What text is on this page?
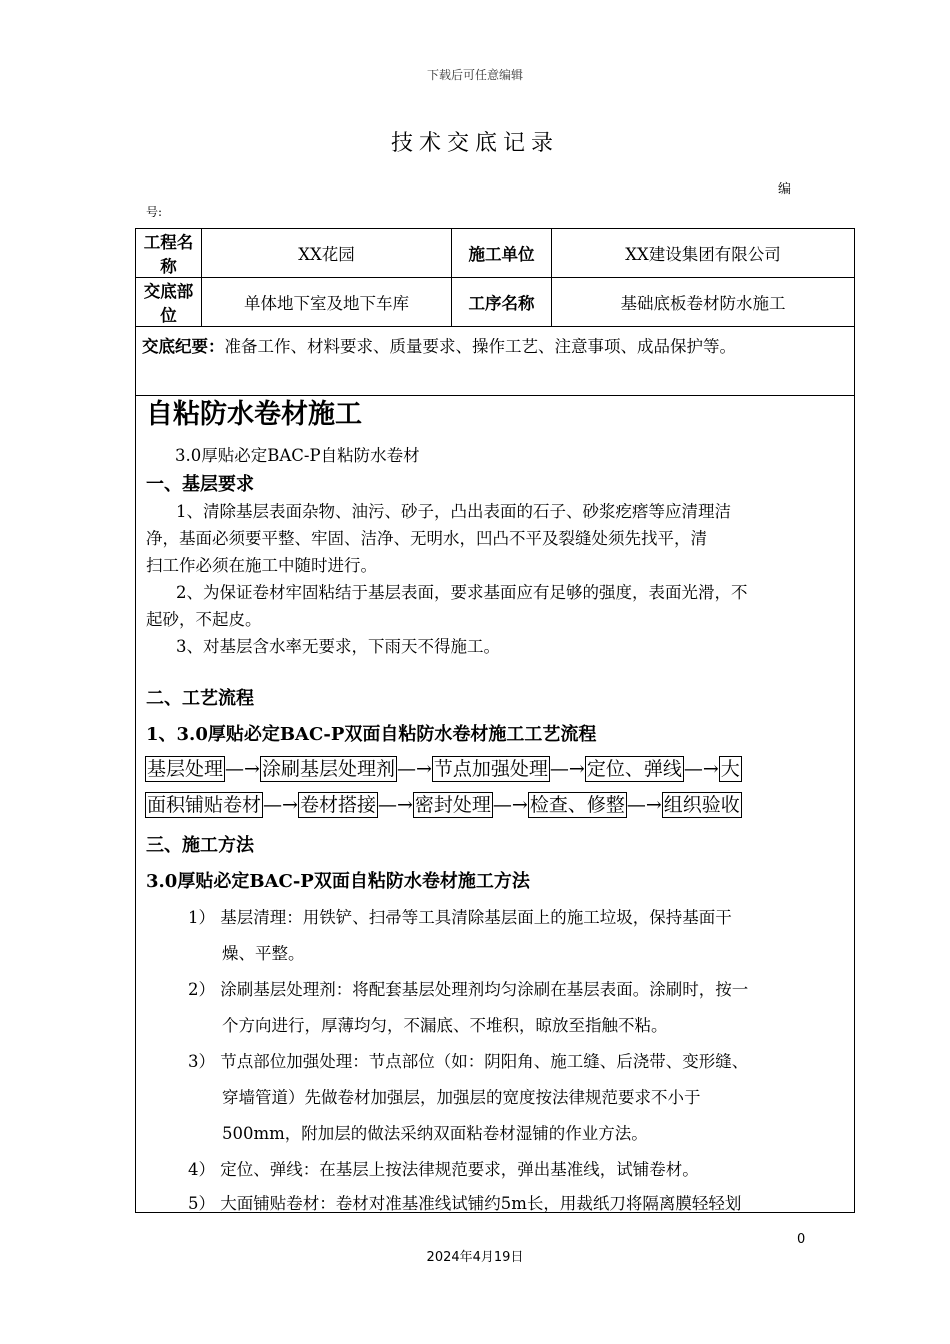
下载后可任意编辑
技术交底记录
编
号:
工程名称	XX花园	施工单位	XX建设集团有限公司
交底部位	单体地下室及地下车库	工序名称	基础底板卷材防水施工
交底纪要：准备工作、材料要求、质量要求、操作工艺、注意事项、成品保护等。			
自粘防水卷材施工
3.0厚贴必定BAC-P自粘防水卷材
一、基层要求
1、清除基层表面杂物、油污、砂子，凸出表面的石子、砂浆疙瘩等应清理洁
净，基面必须要平整、牢固、洁净、无明水，凹凸不平及裂缝处须先找平，清
扫工作必须在施工中随时进行。
2、为保证卷材牢固粘结于基层表面，要求基面应有足够的强度，表面光滑，不
起砂，不起皮。
3、对基层含水率无要求，下雨天不得施工。
二、工艺流程
1、3.0厚贴必定BAC-P双面自粘防水卷材施工工艺流程
基层处理 —→ 涂刷基层处理剂 —→ 节点加强处理 —→ 定位、弹线 —→ 大
面积铺贴卷材 —→ 卷材搭接 —→ 密封处理 —→ 检查、修整 —→ 组织验收
三、施工方法
3.0厚贴必定BAC-P双面自粘防水卷材施工方法
1） 基层清理：用铁铲、扫帚等工具清除基层面上的施工垃圾，保持基面干
燥、平整。
2） 涂刷基层处理剂：将配套基层处理剂均匀涂刷在基层表面。涂刷时，按一
个方向进行，厚薄均匀，不漏底、不堆积，晾放至指触不粘。
3） 节点部位加强处理：节点部位（如：阴阳角、施工缝、后浇带、变形缝、
穿墙管道）先做卷材加强层，加强层的宽度按法律规范要求不小于
500mm，附加层的做法采纳双面粘卷材湿铺的作业方法。
4） 定位、弹线：在基层上按法律规范要求，弹出基准线，试铺卷材。
5） 大面铺贴卷材：卷材对准基准线试铺约5m长，用裁纸刀将隔离膜轻轻划
0
2024年4月19日
